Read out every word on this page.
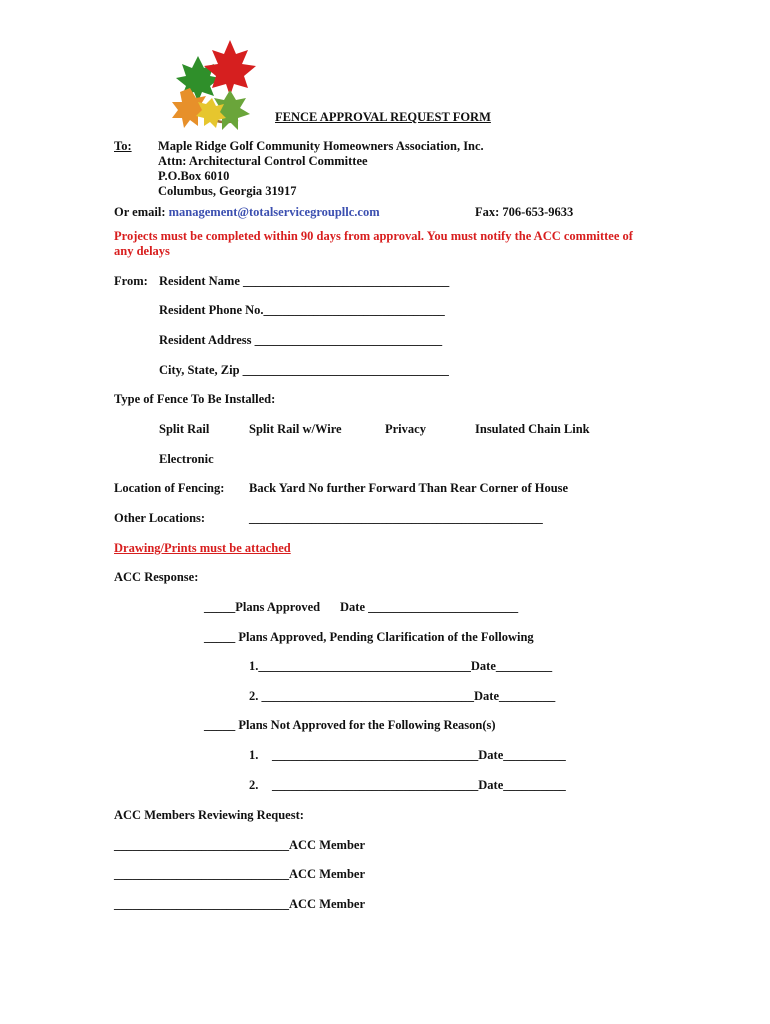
FENCE APPROVAL REQUEST FORM
To: Maple Ridge Golf Community Homeowners Association, Inc.
Attn: Architectural Control Committee
P.O.Box 6010
Columbus, Georgia 31917
Or email: management@totalservicegroupllc.com	Fax: 706-653-9633
Projects must be completed within 90 days from approval. You must notify the ACC committee of
any delays
From: Resident Name _________________________________
Resident Phone No._____________________________
Resident Address ______________________________
City, State, Zip _________________________________
Type of Fence To Be Installed:
Split Rail	Split Rail w/Wire	Privacy	Insulated Chain Link
Electronic
Location of Fencing: Back Yard No further Forward Than Rear Corner of House
Other Locations:	_______________________________________________
Drawing/Prints must be attached
ACC Response:
_____Plans Approved Date ________________________
_____ Plans Approved, Pending Clarification of the Following
1.__________________________________Date_________
2. __________________________________Date_________
_____ Plans Not Approved for the Following Reason(s)
1. _________________________________Date__________
2. _________________________________Date__________
ACC Members Reviewing Request:
____________________________ACC Member
____________________________ACC Member
____________________________ACC Member
